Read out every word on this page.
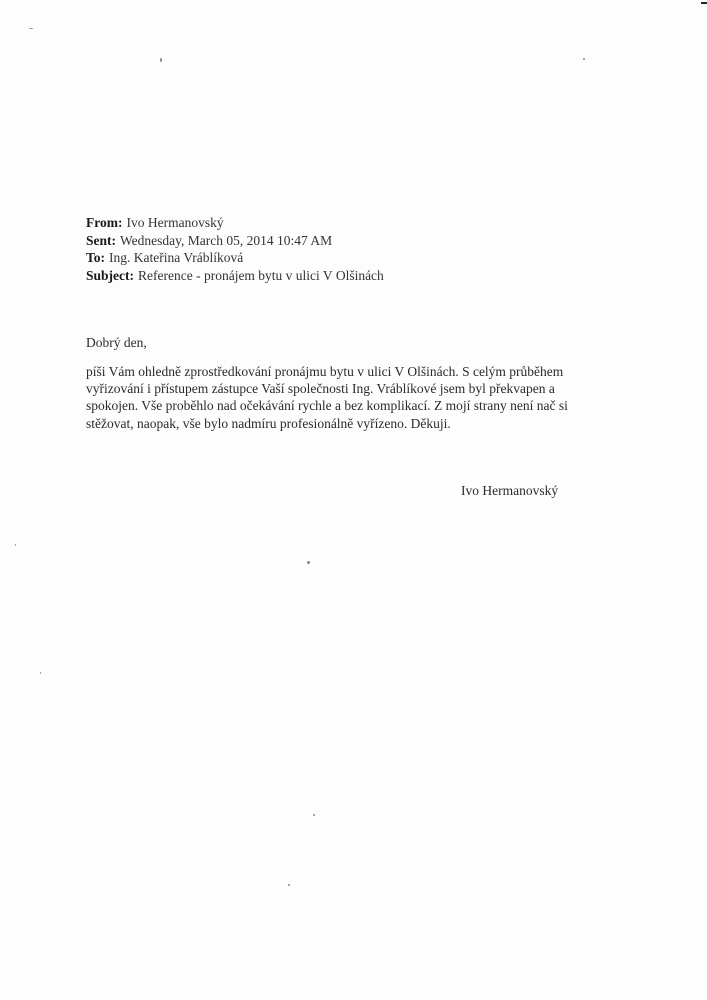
From: Ivo Hermanovský
Sent: Wednesday, March 05, 2014 10:47 AM
To: Ing. Kateřina Vráblíková
Subject: Reference - pronájem bytu v ulici V Olšinách
Dobrý den,
píši Vám ohledně zprostředkování pronájmu bytu v ulici V Olšinách. S celým průběhem
vyřizování i přístupem zástupce Vaší společnosti Ing. Vráblíkové jsem byl překvapen a
spokojen. Vše proběhlo nad očekávání rychle a bez komplikací. Z mojí strany není nač si
stěžovat, naopak, vše bylo nadmíru profesionálně vyřízeno. Děkuji.
Ivo Hermanovský
